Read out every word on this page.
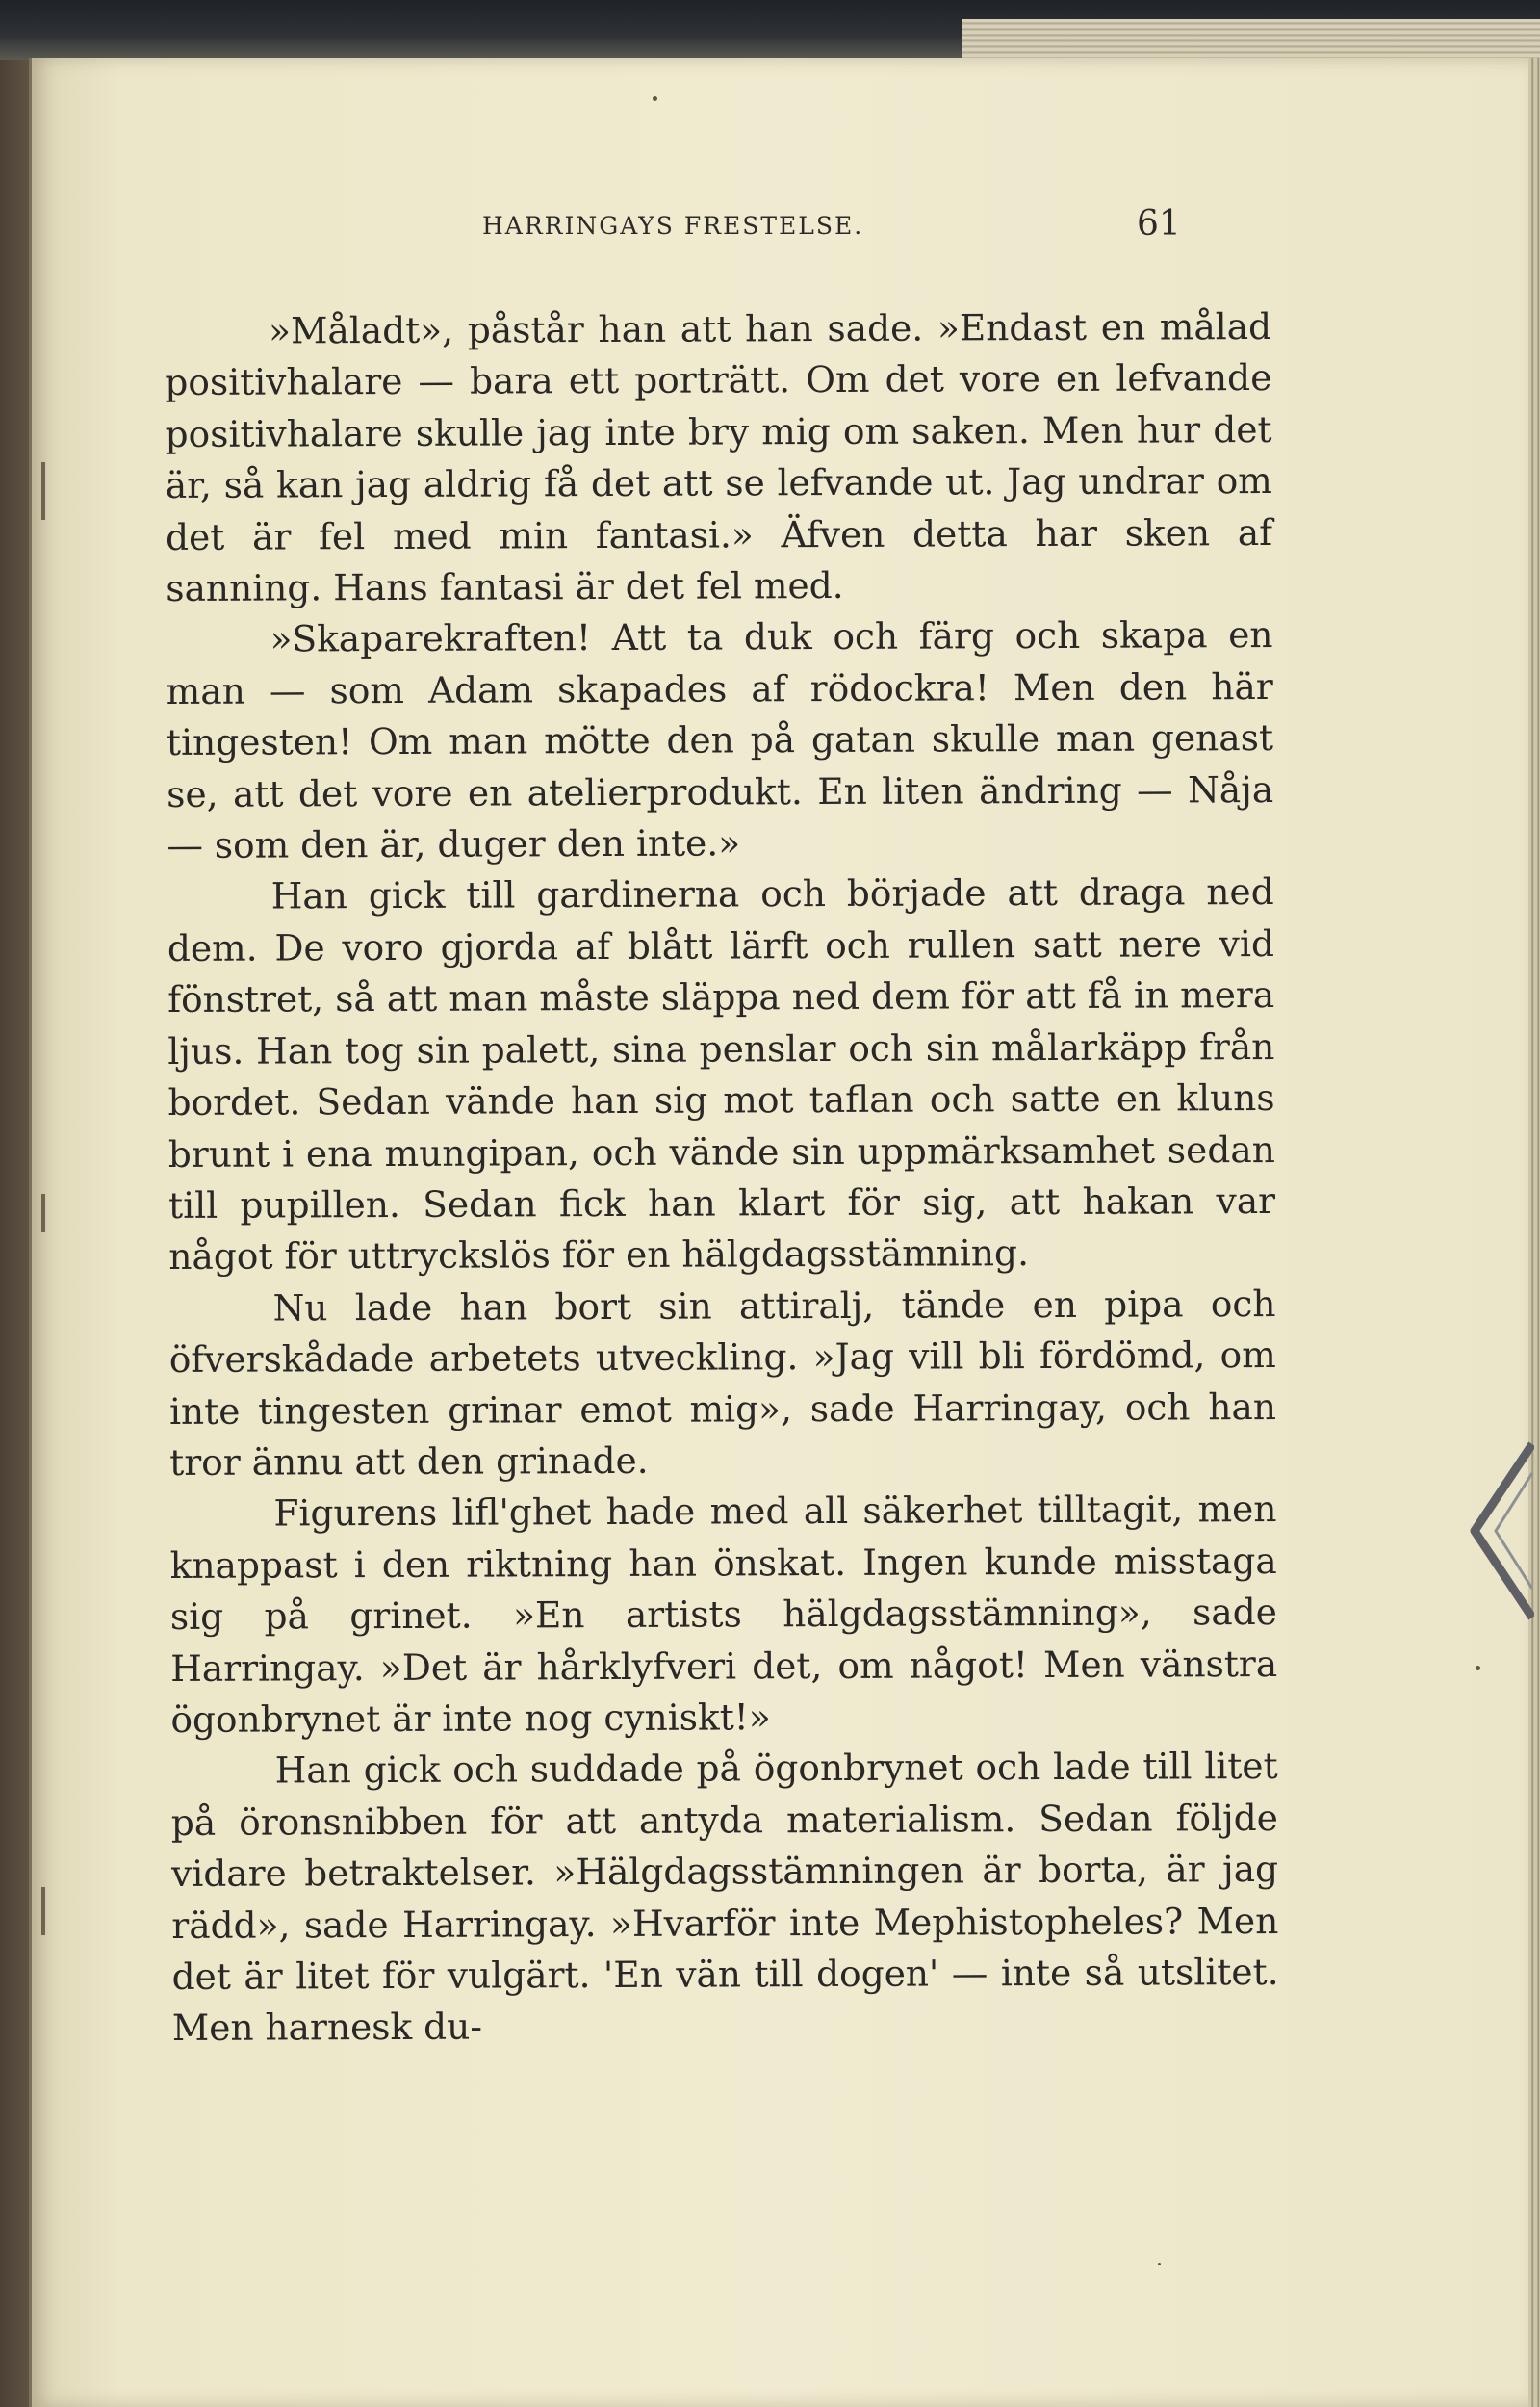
HARRINGAYS FRESTELSE.	61

»Måladt», påstår han att han sade. »Endast en målad positivhalare — bara ett porträtt. Om det vore en lefvande positivhalare skulle jag inte bry mig om saken. Men hur det är, så kan jag aldrig få det att se lefvande ut. Jag undrar om det är fel med min fantasi.» Äfven detta har sken af sanning. Hans fantasi är det fel med.

»Skaparekraften! Att ta duk och färg och skapa en man — som Adam skapades af rödockra! Men den här tingesten! Om man mötte den på gatan skulle man genast se, att det vore en atelierprodukt. En liten ändring — Nåja — som den är, duger den inte.»

Han gick till gardinerna och började att draga ned dem. De voro gjorda af blått lärft och rullen satt nere vid fönstret, så att man måste släppa ned dem för att få in mera ljus. Han tog sin palett, sina penslar och sin målarkäpp från bordet. Sedan vände han sig mot taflan och satte en kluns brunt i ena mungipan, och vände sin uppmärksamhet sedan till pupillen. Sedan fick han klart för sig, att hakan var något för uttryckslös för en hälgdagsstämning.

Nu lade han bort sin attiralj, tände en pipa och öfverskådade arbetets utveckling. »Jag vill bli fördömd, om inte tingesten grinar emot mig», sade Harringay, och han tror ännu att den grinade.

Figurens lifl'ghet hade med all säkerhet tilltagit, men knappast i den riktning han önskat. Ingen kunde misstaga sig på grinet. »En artists hälgdagsstämning», sade Harringay. »Det är hårklyfveri det, om något! Men vänstra ögonbrynet är inte nog cyniskt!»

Han gick och suddade på ögonbrynet och lade till litet på öronsnibben för att antyda materialism. Sedan följde vidare betraktelser. »Hälgdagsstämningen är borta, är jag rädd», sade Harringay. »Hvarför inte Mephistopheles? Men det är litet för vulgärt. 'En vän till dogen' — inte så utslitet. Men harnesk du-
